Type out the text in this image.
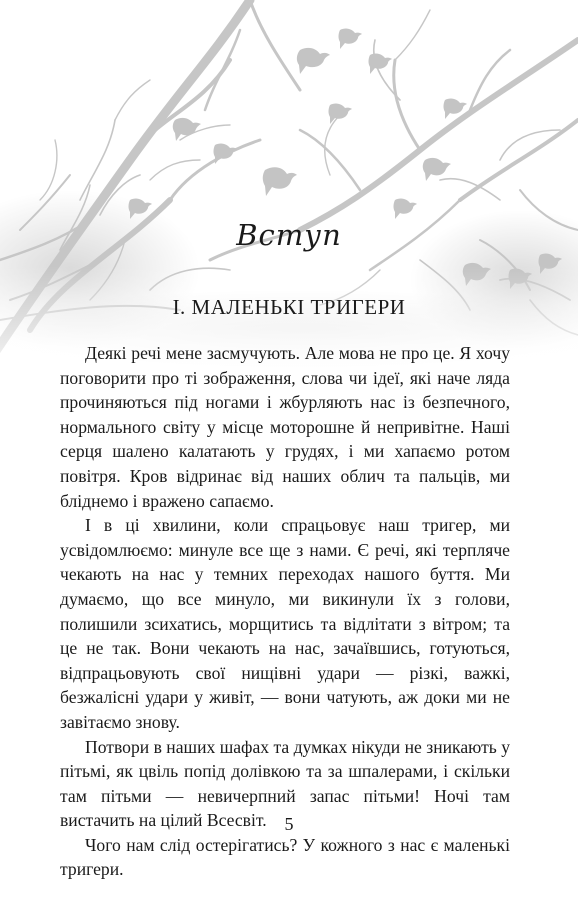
Вступ
I. МАЛЕНЬКІ ТРИГЕРИ

Деякі речі мене засмучують. Але мова не про це. Я хочу поговорити про ті зображення, слова чи ідеї, які наче ляда прочиняються під ногами і жбурляють нас із безпечного, нормального світу у місце моторошне й непривітне. Наші серця шалено калатають у грудях, і ми хапаємо ротом повітря. Кров відринає від наших облич та пальців, ми бліднемо і вражено сапаємо.

І в ці хвилини, коли спрацьовує наш тригер, ми усвідомлюємо: минуле все ще з нами. Є речі, які терпляче чекають на нас у темних переходах нашого буття. Ми думаємо, що все минуло, ми викинули їх з голови, полишили зсихатись, морщитись та відлітати з вітром; та це не так. Вони чекають на нас, зачаївшись, готуються, відпрацьовують свої нищівні удари — різкі, важкі, безжалісні удари у живіт, — вони чатують, аж доки ми не завітаємо знову.

Потвори в наших шафах та думках нікуди не зникають у пітьмі, як цвіль попід долівкою та за шпалерами, і скільки там пітьми — невичерпний запас пітьми! Ночі там вистачить на цілий Всесвіт.

Чого нам слід остерігатись? У кожного з нас є маленькі тригери.

5
